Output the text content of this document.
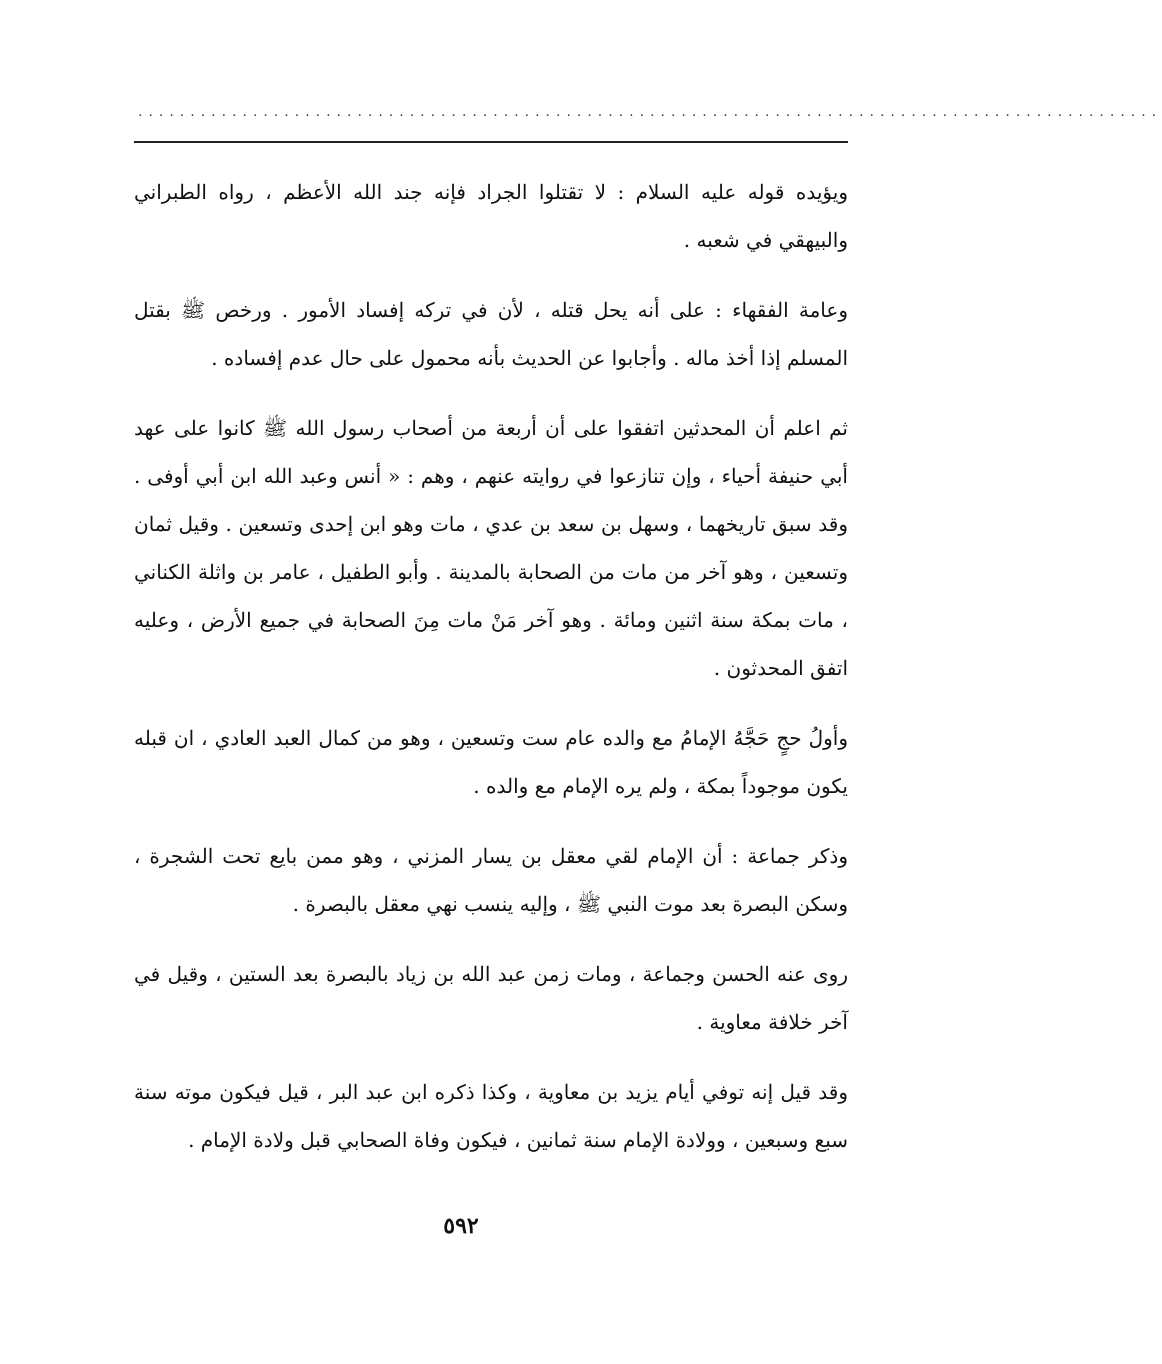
..................................................................................................

ويؤيده قوله عليه السلام : لا تقتلوا الجراد فإنه جند الله الأعظم ، رواه الطبراني والبيهقي في شعبه .

وعامة الفقهاء : على أنه يحل قتله ، لأن في تركه إفساد الأمور . ورخص ﷺ بقتل المسلم إذا أخذ ماله . وأجابوا عن الحديث بأنه محمول على حال عدم إفساده .

ثم اعلم أن المحدثين اتفقوا على أن أربعة من أصحاب رسول الله ﷺ كانوا على عهد أبي حنيفة أحياء ، وإن تنازعوا في روايته عنهم ، وهم : « أنس وعبد الله ابن أبي أوفى . وقد سبق تاريخهما ، وسهل بن سعد بن عدي ، مات وهو ابن إحدى وتسعين . وقيل ثمان وتسعين ، وهو آخر من مات من الصحابة بالمدينة . وأبو الطفيل ، عامر بن واثلة الكناني ، مات بمكة سنة اثنين ومائة . وهو آخر مَنْ مات مِنَ الصحابة في جميع الأرض ، وعليه اتفق المحدثون .

وأولُ حجٍ حَجَّهُ الإمامُ مع والده عام ست وتسعين ، وهو من كمال العبد العادي ، ان قبله يكون موجوداً بمكة ، ولم يره الإمام مع والده .

وذكر جماعة : أن الإمام لقي معقل بن يسار المزني ، وهو ممن بايع تحت الشجرة ، وسكن البصرة بعد موت النبي ﷺ ، وإليه ينسب نهي معقل بالبصرة .

روى عنه الحسن وجماعة ، ومات زمن عبد الله بن زياد بالبصرة بعد الستين ، وقيل في آخر خلافة معاوية .

وقد قيل إنه توفي أيام يزيد بن معاوية ، وكذا ذكره ابن عبد البر ، قيل فيكون موته سنة سبع وسبعين ، وولادة الإمام سنة ثمانين ، فيكون وفاة الصحابي قبل ولادة الإمام .

٥٩٢
